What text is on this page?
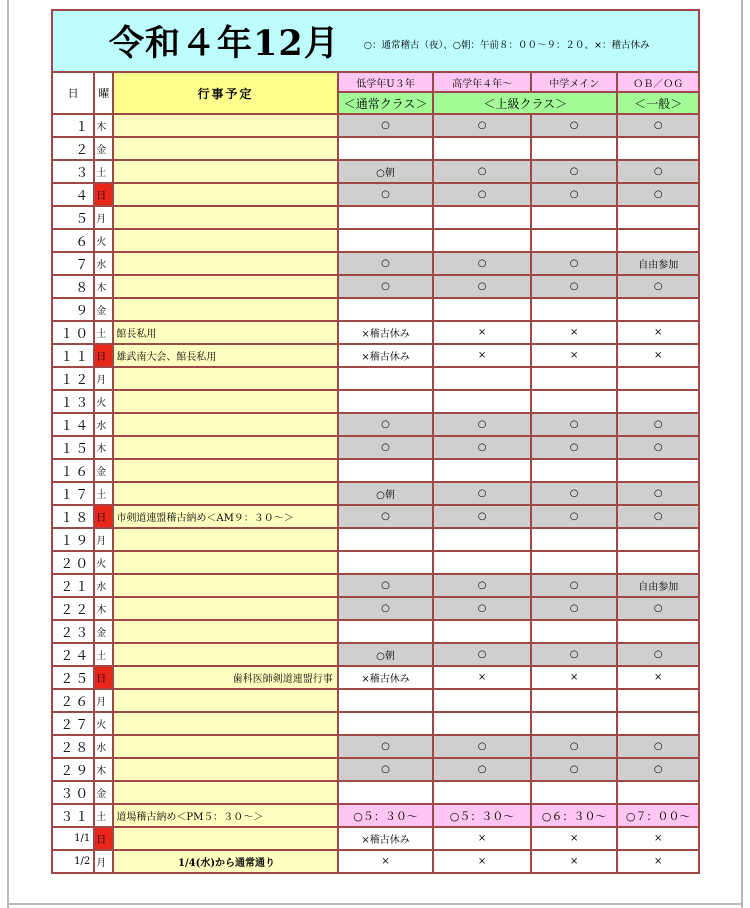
令和４年12月 ○：通常稽古（夜）、○朝：午前８：００～９：２０、×：稽古休み						

日	曜	行事予定	低学年U３年	高学年４年～	中学メイン	ＯＢ／ＯＧ
			＜通常クラス＞	＜上級クラス＞		＜一般＞
１	木		○	○	○	○
２	金					
３	土		○朝	○	○	○
４	日		○	○	○	○
５	月					
６	火					
７	水		○	○	○	自由参加
８	木		○	○	○	○
９	金					
１０	土	館長私用	×稽古休み	×	×	×
１１	日	雄武南大会、館長私用	×稽古休み	×	×	×
１２	月					
１３	火					
１４	水		○	○	○	○
１５	木		○	○	○	○
１６	金					
１７	土		○朝	○	○	○
１８	日	市剣道連盟稽古納め＜AM９：３０～＞	○	○	○	○
１９	月					
２０	火					
２１	水		○	○	○	自由参加
２２	木		○	○	○	○
２３	金					
２４	土		○朝	○	○	○
２５	日	歯科医師剣道連盟行事	×稽古休み	×	×	×
２６	月					
２７	火					
２８	水		○	○	○	○
２９	木		○	○	○	○
３０	金					
３１	土	道場稽古納め＜PM５：３０～＞	○５：３０～	○５：３０～	○６：３０～	○７：００～
1/1	日		×稽古休み	×	×	×
1/2	月	1/4(水)から通常通り	×	×	×	×
